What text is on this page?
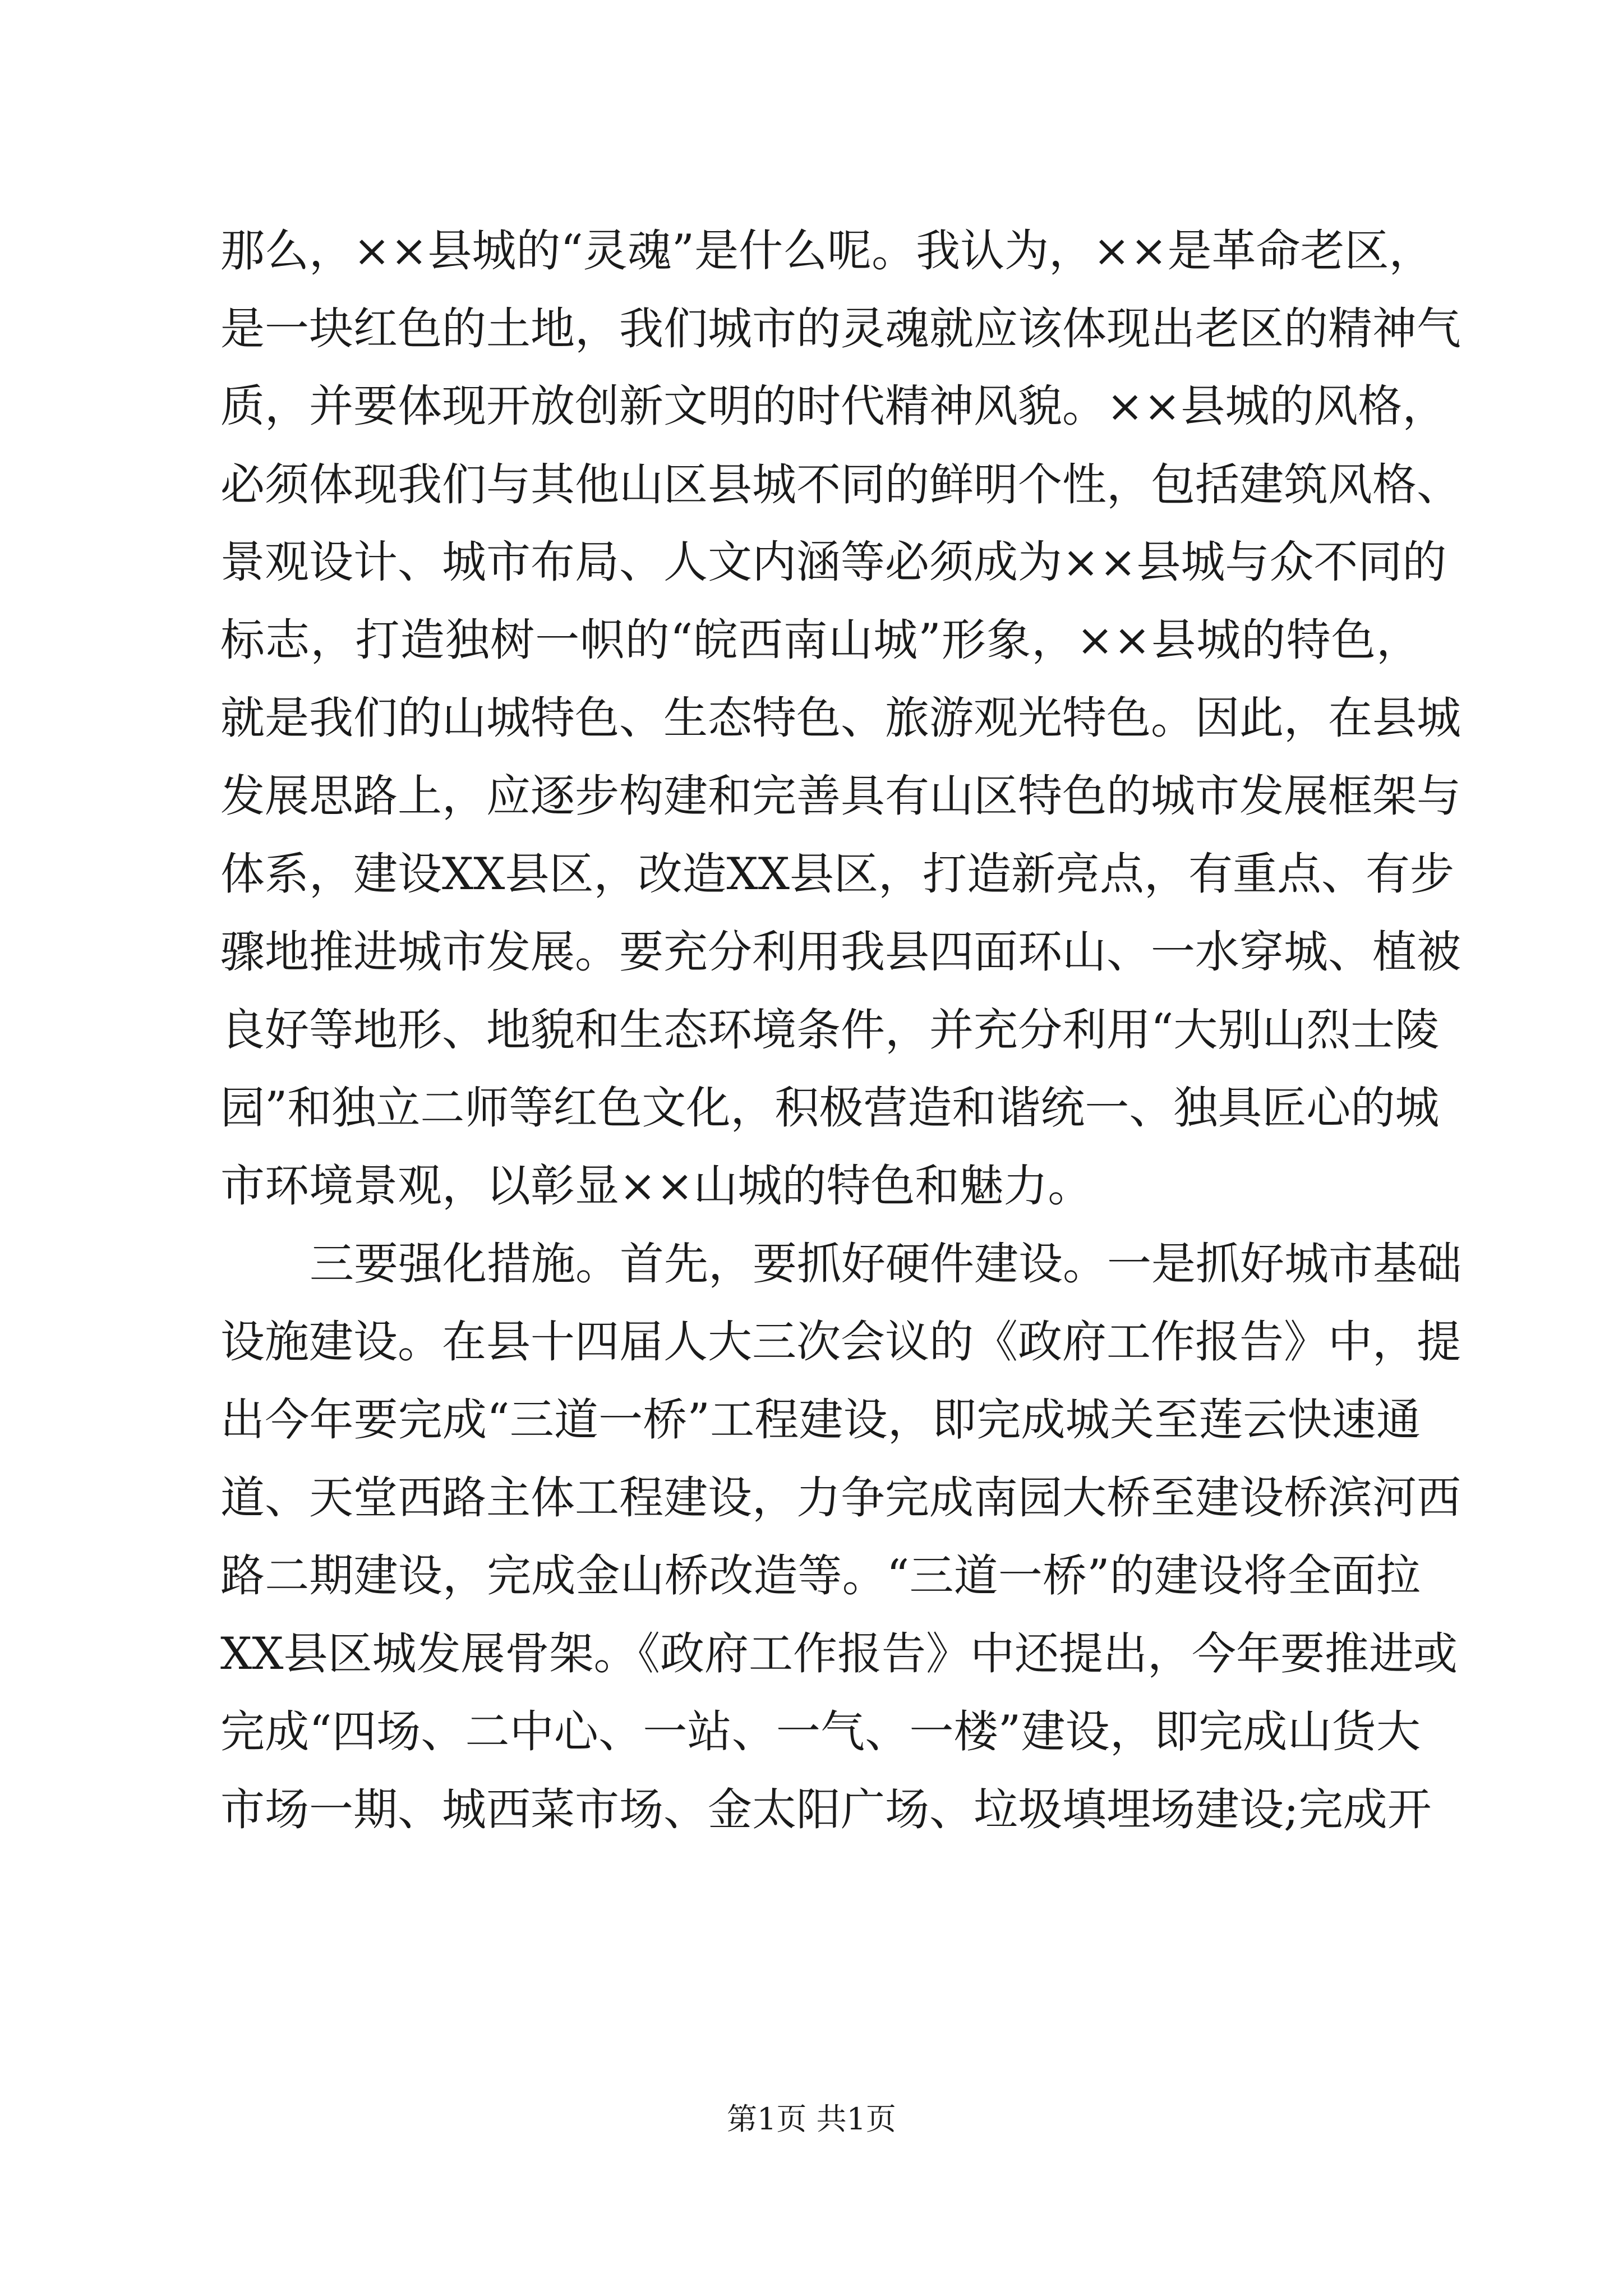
那么，××县城的“灵魂”是什么呢。我认为，××是革命老区，
是一块红色的土地，我们城市的灵魂就应该体现出老区的精神气
质，并要体现开放创新文明的时代精神风貌。××县城的风格，
必须体现我们与其他山区县城不同的鲜明个性，包括建筑风格、
景观设计、城市布局、人文内涵等必须成为××县城与众不同的
标志，打造独树一帜的“皖西南山城”形象，××县城的特色，
就是我们的山城特色、生态特色、旅游观光特色。因此，在县城
发展思路上，应逐步构建和完善具有山区特色的城市发展框架与
体系，建设XX县区，改造XX县区，打造新亮点，有重点、有步
骤地推进城市发展。要充分利用我县四面环山、一水穿城、植被
良好等地形、地貌和生态环境条件，并充分利用“大别山烈士陵
园”和独立二师等红色文化，积极营造和谐统一、独具匠心的城
市环境景观，以彰显××山城的特色和魅力。
三要强化措施。首先，要抓好硬件建设。一是抓好城市基础
设施建设。在县十四届人大三次会议的《政府工作报告》中，提
出今年要完成“三道一桥”工程建设，即完成城关至莲云快速通
道、天堂西路主体工程建设，力争完成南园大桥至建设桥滨河西
路二期建设，完成金山桥改造等。“三道一桥”的建设将全面拉
XX县区城发展骨架。《政府工作报告》中还提出，今年要推进或
完成“四场、二中心、一站、一气、一楼”建设，即完成山货大
市场一期、城西菜市场、金太阳广场、垃圾填埋场建设;完成开
第1页 共1页
